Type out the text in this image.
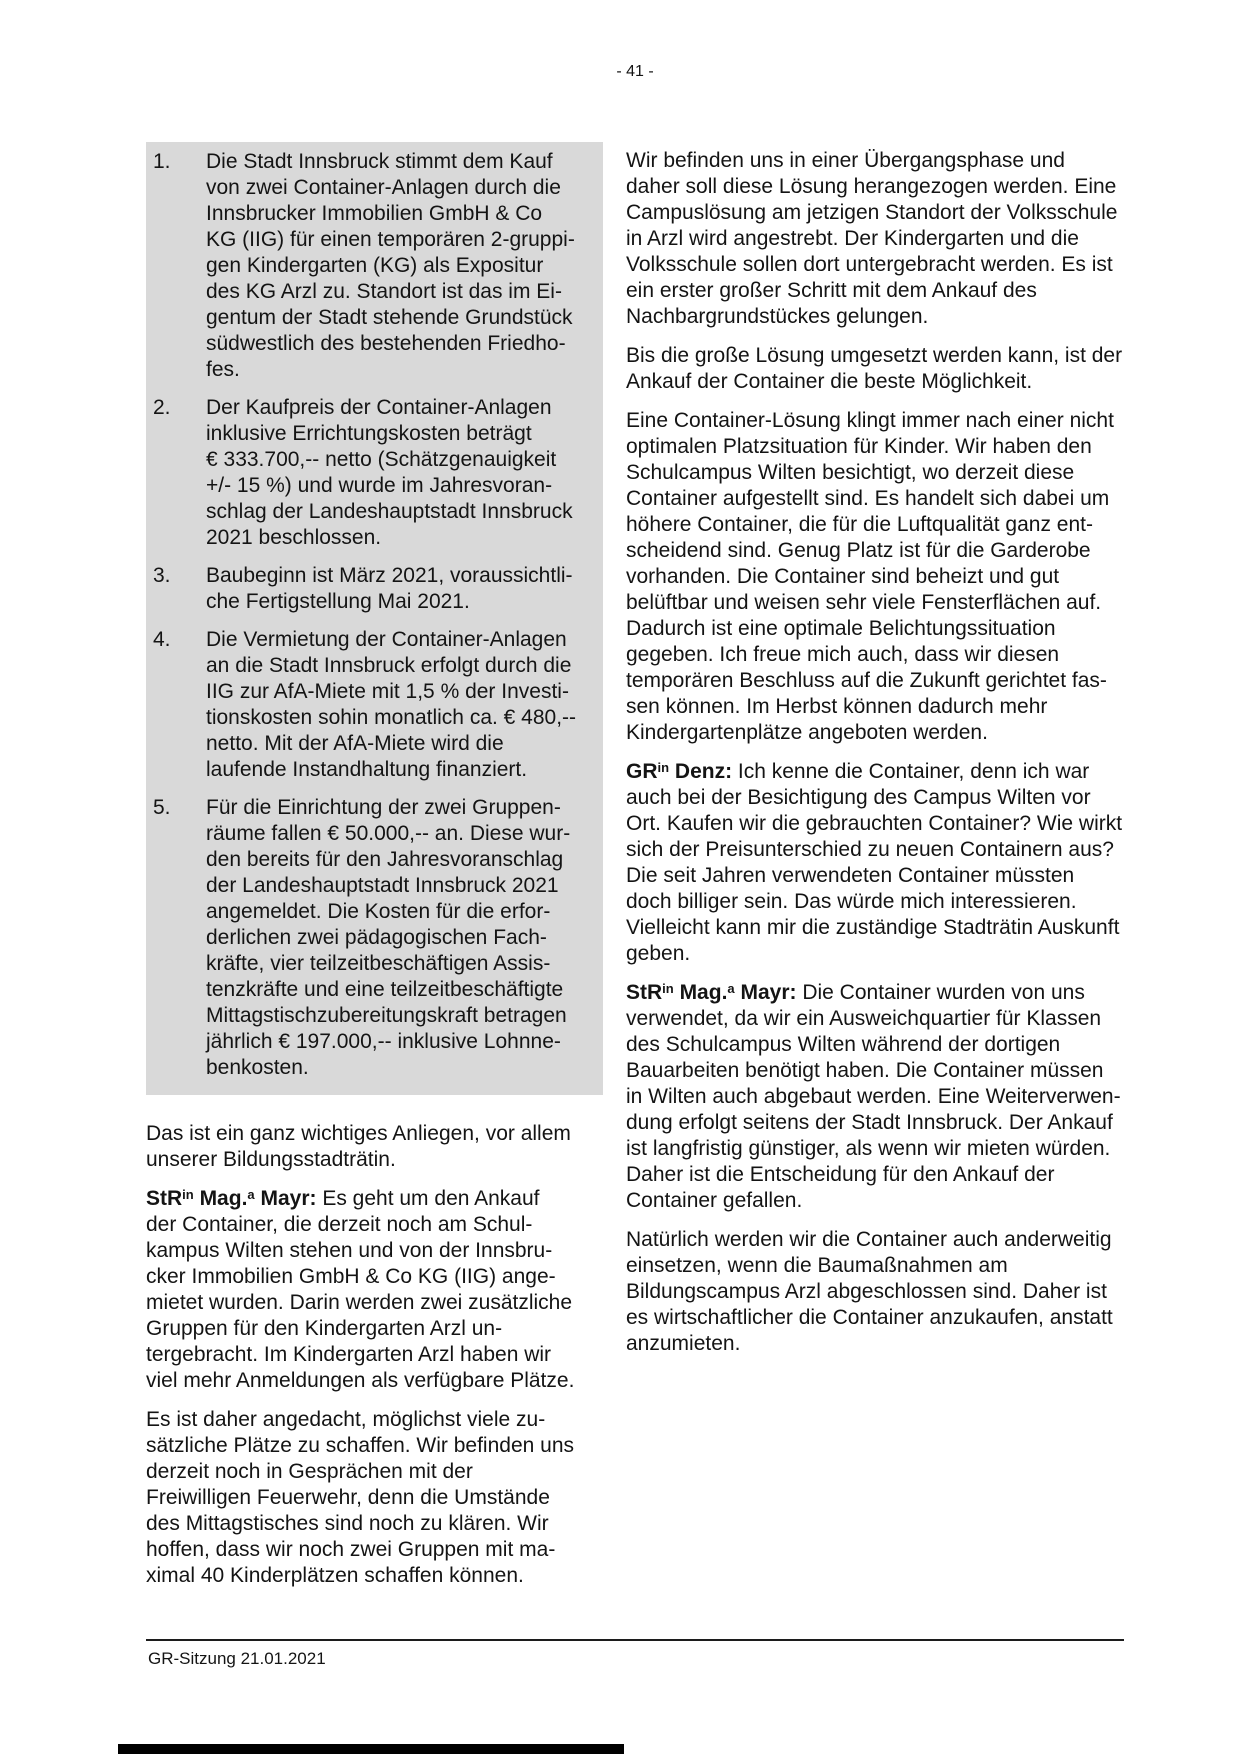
- 41 -
1.	Die Stadt Innsbruck stimmt dem Kauf von zwei Container-Anlagen durch die Innsbrucker Immobilien GmbH & Co KG (IIG) für einen temporären 2-gruppigen Kindergarten (KG) als Expositur des KG Arzl zu. Standort ist das im Eigentum der Stadt stehende Grundstück südwestlich des bestehenden Friedhofes.
2.	Der Kaufpreis der Container-Anlagen inklusive Errichtungskosten beträgt € 333.700,-- netto (Schätzgenauigkeit +/- 15 %) und wurde im Jahresvoranschlag der Landeshauptstadt Innsbruck 2021 beschlossen.
3.	Baubeginn ist März 2021, voraussichtliche Fertigstellung Mai 2021.
4.	Die Vermietung der Container-Anlagen an die Stadt Innsbruck erfolgt durch die IIG zur AfA-Miete mit 1,5 % der Investitionskosten sohin monatlich ca. € 480,-- netto. Mit der AfA-Miete wird die laufende Instandhaltung finanziert.
5.	Für die Einrichtung der zwei Gruppenräume fallen € 50.000,-- an. Diese wurden bereits für den Jahresvoranschlag der Landeshauptstadt Innsbruck 2021 angemeldet. Die Kosten für die erforderlichen zwei pädagogischen Fachkräfte, vier teilzeitbeschäftigen Assistenzkräfte und eine teilzeitbeschäftigte Mittagstischzubereitungskraft betragen jährlich € 197.000,-- inklusive Lohnnebenkosten.

Das ist ein ganz wichtiges Anliegen, vor allem unserer Bildungsstadträtin.

StR$^{in}$ Mag.$^a$ Mayr: Es geht um den Ankauf der Container, die derzeit noch am Schulkampus Wilten stehen und von der Innsbrucker Immobilien GmbH & Co KG (IIG) angemietet wurden. Darin werden zwei zusätzliche Gruppen für den Kindergarten Arzl untergebracht. Im Kindergarten Arzl haben wir viel mehr Anmeldungen als verfügbare Plätze.

Es ist daher angedacht, möglichst viele zusätzliche Plätze zu schaffen. Wir befinden uns derzeit noch in Gesprächen mit der Freiwilligen Feuerwehr, denn die Umstände des Mittagstisches sind noch zu klären. Wir hoffen, dass wir noch zwei Gruppen mit maximal 40 Kinderplätzen schaffen können.

Wir befinden uns in einer Übergangsphase und daher soll diese Lösung herangezogen werden. Eine Campuslösung am jetzigen Standort der Volksschule in Arzl wird angestrebt. Der Kindergarten und die Volksschule sollen dort untergebracht werden. Es ist ein erster großer Schritt mit dem Ankauf des Nachbargrundstückes gelungen.

Bis die große Lösung umgesetzt werden kann, ist der Ankauf der Container die beste Möglichkeit.

Eine Container-Lösung klingt immer nach einer nicht optimalen Platzsituation für Kinder. Wir haben den Schulcampus Wilten besichtigt, wo derzeit diese Container aufgestellt sind. Es handelt sich dabei um höhere Container, die für die Luftqualität ganz entscheidend sind. Genug Platz ist für die Garderobe vorhanden. Die Container sind beheizt und gut belüftbar und weisen sehr viele Fensterflächen auf. Dadurch ist eine optimale Belichtungssituation gegeben. Ich freue mich auch, dass wir diesen temporären Beschluss auf die Zukunft gerichtet fassen können. Im Herbst können dadurch mehr Kindergartenplätze angeboten werden.

$GR^{in}$ Denz: Ich kenne die Container, denn ich war auch bei der Besichtigung des Campus Wilten vor Ort. Kaufen wir die gebrauchten Container? Wie wirkt sich der Preisunterschied zu neuen Containern aus? Die seit Jahren verwendeten Container müssten doch billiger sein. Das würde mich interessieren. Vielleicht kann mir die zuständige Stadträtin Auskunft geben.

StR$^{in}$ Mag.$^a$ Mayr: Die Container wurden von uns verwendet, da wir ein Ausweichquartier für Klassen des Schulcampus Wilten während der dortigen Bauarbeiten benötigt haben. Die Container müssen in Wilten auch abgebaut werden. Eine Weiterverwendung erfolgt seitens der Stadt Innsbruck. Der Ankauf ist langfristig günstiger, als wenn wir mieten würden. Daher ist die Entscheidung für den Ankauf der Container gefallen.

Natürlich werden wir die Container auch anderweitig einsetzen, wenn die Baumaßnahmen am Bildungscampus Arzl abgeschlossen sind. Daher ist es wirtschaftlicher die Container anzukaufen, anstatt anzumieten.

GR-Sitzung 21.01.2021
